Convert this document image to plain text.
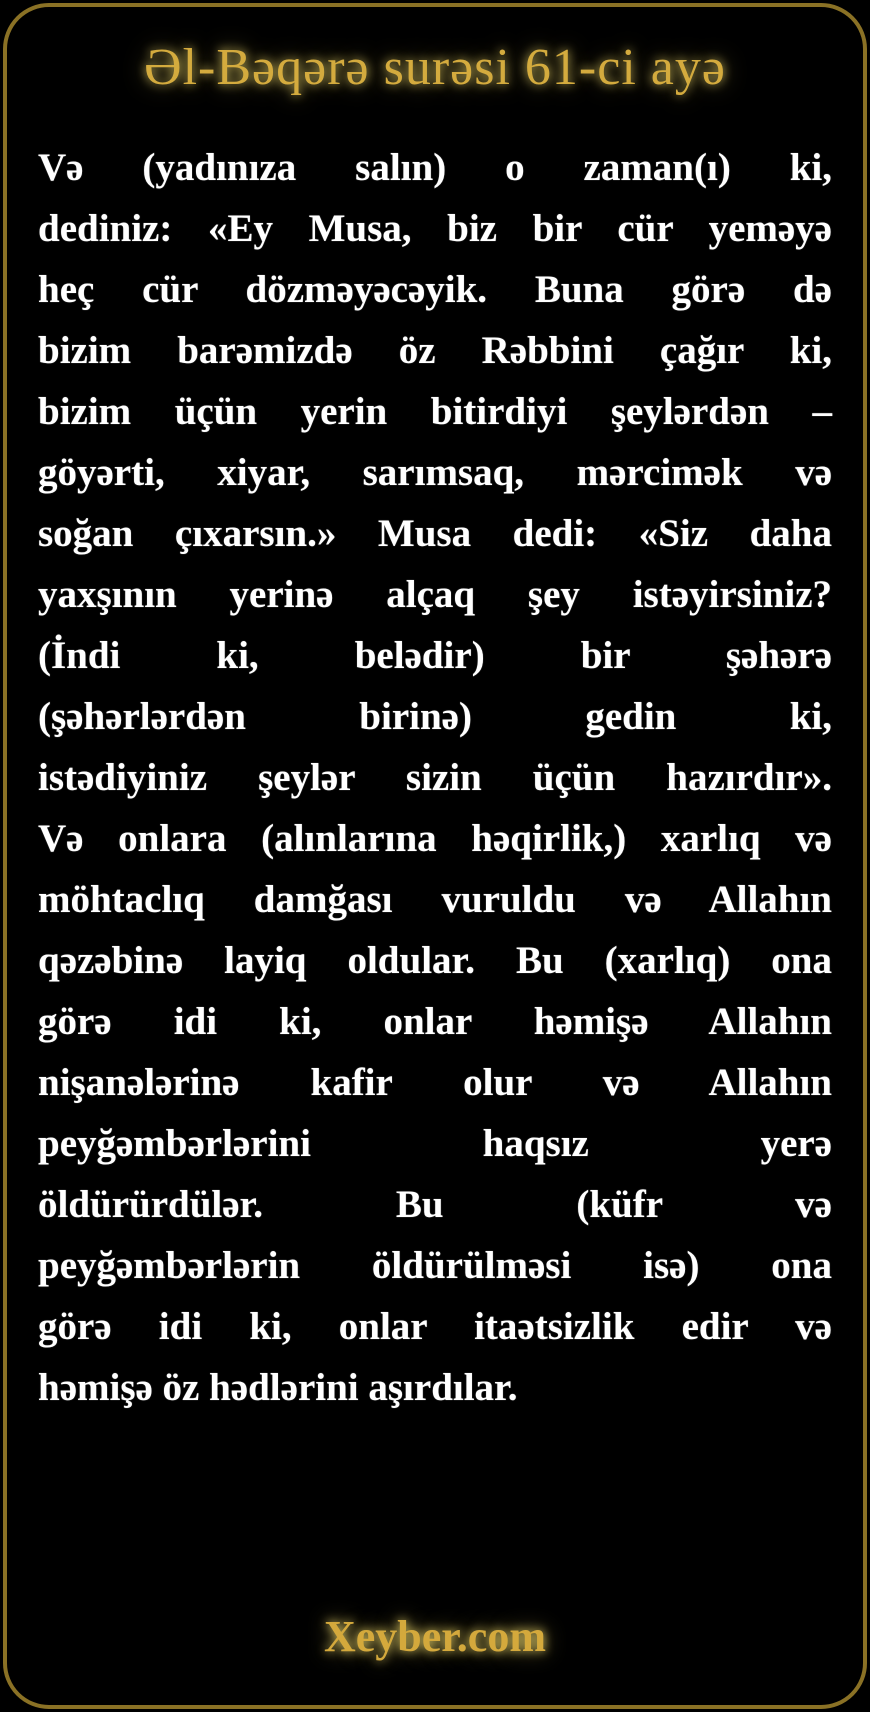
Əl-Bəqərə surəsi 61-ci ayə
Və (yadınıza salın) o zaman(ı) ki,
dediniz: «Ey Musa, biz bir cür yeməyə
heç cür dözməyəcəyik. Buna görə də
bizim barəmizdə öz Rəbbini çağır ki,
bizim üçün yerin bitirdiyi şeylərdən –
göyərti, xiyar, sarımsaq, mərcimək və
soğan çıxarsın.» Musa dedi: «Siz daha
yaxşının yerinə alçaq şey istəyirsiniz?
(İndi ki, belədir) bir şəhərə
(şəhərlərdən birinə) gedin ki,
istədiyiniz şeylər sizin üçün hazırdır».
Və onlara (alınlarına həqirlik,) xarlıq və
möhtaclıq damğası vuruldu və Allahın
qəzəbinə layiq oldular. Bu (xarlıq) ona
görə idi ki, onlar həmişə Allahın
nişanələrinə kafir olur və Allahın
peyğəmbərlərini haqsız yerə
öldürürdülər. Bu (küfr və
peyğəmbərlərin öldürülməsi isə) ona
görə idi ki, onlar itaətsizlik edir və
həmişə öz hədlərini aşırdılar.
Xeyber.com
